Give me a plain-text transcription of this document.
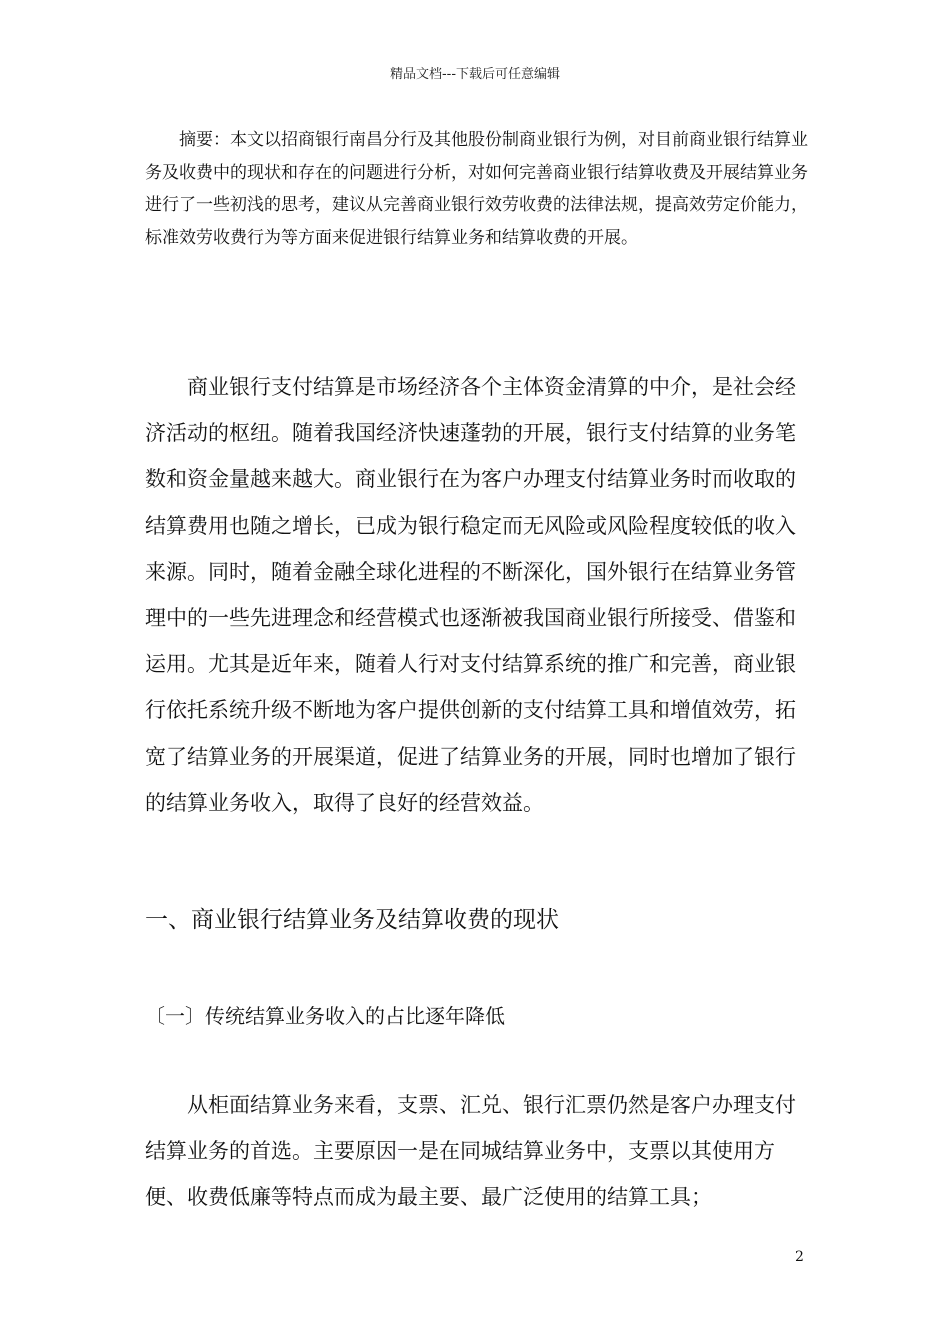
精品文档---下载后可任意编辑

摘要：本文以招商银行南昌分行及其他股份制商业银行为例，对目前商业银行结算业务及收费中的现状和存在的问题进行分析，对如何完善商业银行结算收费及开展结算业务进行了一些初浅的思考，建议从完善商业银行效劳收费的法律法规，提高效劳定价能力，标准效劳收费行为等方面来促进银行结算业务和结算收费的开展。

商业银行支付结算是市场经济各个主体资金清算的中介，是社会经济活动的枢纽。随着我国经济快速蓬勃的开展，银行支付结算的业务笔数和资金量越来越大。商业银行在为客户办理支付结算业务时而收取的结算费用也随之增长，已成为银行稳定而无风险或风险程度较低的收入来源。同时，随着金融全球化进程的不断深化，国外银行在结算业务管理中的一些先进理念和经营模式也逐渐被我国商业银行所接受、借鉴和运用。尤其是近年来，随着人行对支付结算系统的推广和完善，商业银行依托系统升级不断地为客户提供创新的支付结算工具和增值效劳，拓宽了结算业务的开展渠道，促进了结算业务的开展，同时也增加了银行的结算业务收入，取得了良好的经营效益。

一、商业银行结算业务及结算收费的现状
〔一〕传统结算业务收入的占比逐年降低

从柜面结算业务来看，支票、汇兑、银行汇票仍然是客户办理支付结算业务的首选。主要原因一是在同城结算业务中，支票以其使用方便、收费低廉等特点而成为最主要、最广泛使用的结算工具；

2
